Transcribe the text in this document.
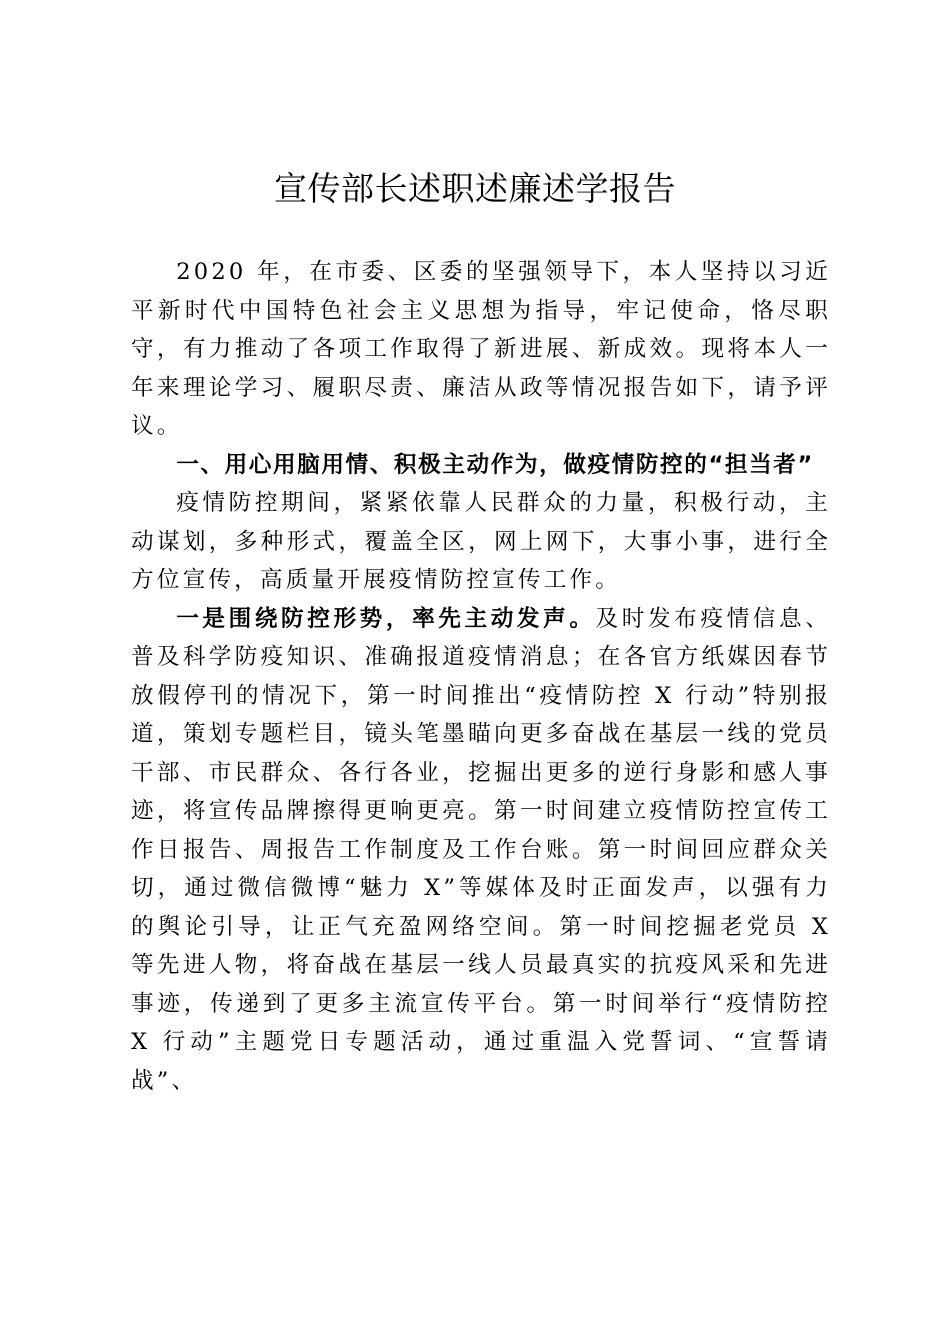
宣传部长述职述廉述学报告

2020 年，在市委、区委的坚强领导下，本人坚持以习近平新时代中国特色社会主义思想为指导，牢记使命，恪尽职守，有力推动了各项工作取得了新进展、新成效。现将本人一年来理论学习、履职尽责、廉洁从政等情况报告如下，请予评议。

一、用心用脑用情、积极主动作为，做疫情防控的“担当者”

疫情防控期间，紧紧依靠人民群众的力量，积极行动，主动谋划，多种形式，覆盖全区，网上网下，大事小事，进行全方位宣传，高质量开展疫情防控宣传工作。

一是围绕防控形势，率先主动发声。及时发布疫情信息、普及科学防疫知识、准确报道疫情消息；在各官方纸媒因春节放假停刊的情况下，第一时间推出“疫情防控 X 行动”特别报道，策划专题栏目，镜头笔墨瞄向更多奋战在基层一线的党员干部、市民群众、各行各业，挖掘出更多的逆行身影和感人事迹，将宣传品牌擦得更响更亮。第一时间建立疫情防控宣传工作日报告、周报告工作制度及工作台账。第一时间回应群众关切，通过微信微博“魅力 X”等媒体及时正面发声，以强有力的舆论引导，让正气充盈网络空间。第一时间挖掘老党员 X 等先进人物，将奋战在基层一线人员最真实的抗疫风采和先进事迹，传递到了更多主流宣传平台。第一时间举行“疫情防控 X 行动”主题党日专题活动，通过重温入党誓词、“宣誓请战”、
